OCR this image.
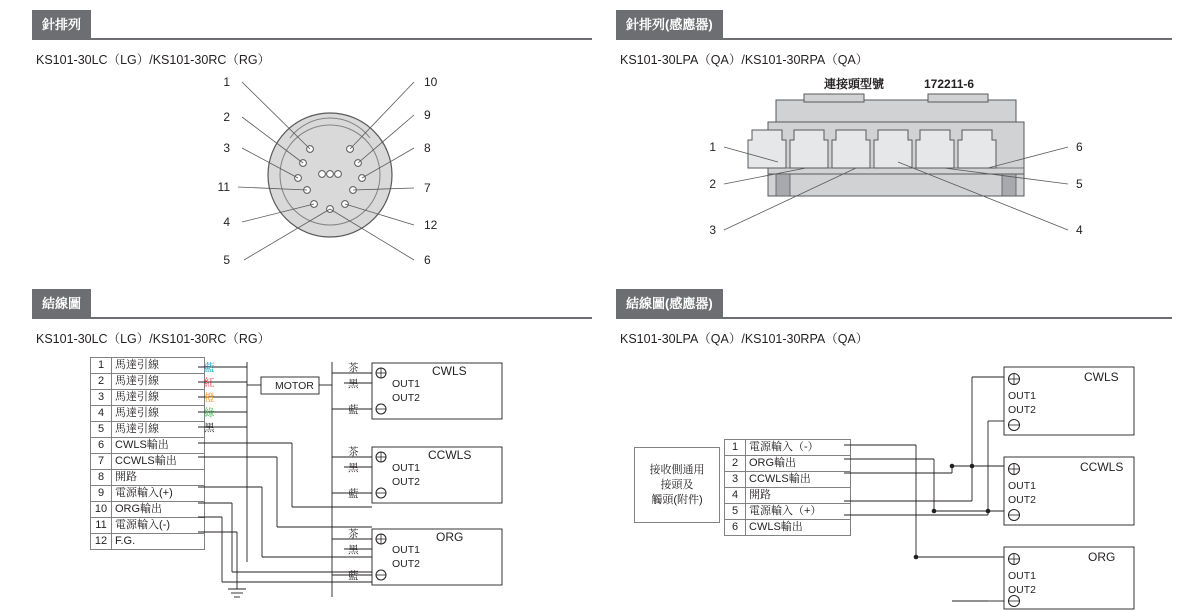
針排列
KS101-30LC（LG）/KS101-30RC（RG）
1
2
3
11
4
5
10
9
8
7
12
6
針排列(感應器)
KS101-30LPA（QA）/KS101-30RPA（QA）
連接頭型號	172211-6
1
2
3
6
5
4
結線圖
KS101-30LC（LG）/KS101-30RC（RG）
1	馬達引線
2	馬達引線
3	馬達引線
4	馬達引線
5	馬達引線
6	CWLS輸出
7	CCWLS輸出
8	開路
9	電源輸入(+)
10	ORG輸出
11	電源輸入(-)
12	F.G.
藍
紅
橙
綠
黑
OUT1
OUT2
CWLS
茶
黑
藍
OUT1
OUT2
CCWLS
茶
黑
藍
OUT1
OUT2
ORG
茶
黑
藍
MOTOR
結線圖(感應器)
KS101-30LPA（QA）/KS101-30RPA（QA）
接收側通用
接頭及
觸頭(附件)
1	電源輸入（-）
2	ORG輸出
3	CCWLS輸出
4	開路
5	電源輸入（+）
6	CWLS輸出
OUT1
OUT2
CWLS
OUT1
OUT2
CCWLS
OUT1
OUT2
ORG
